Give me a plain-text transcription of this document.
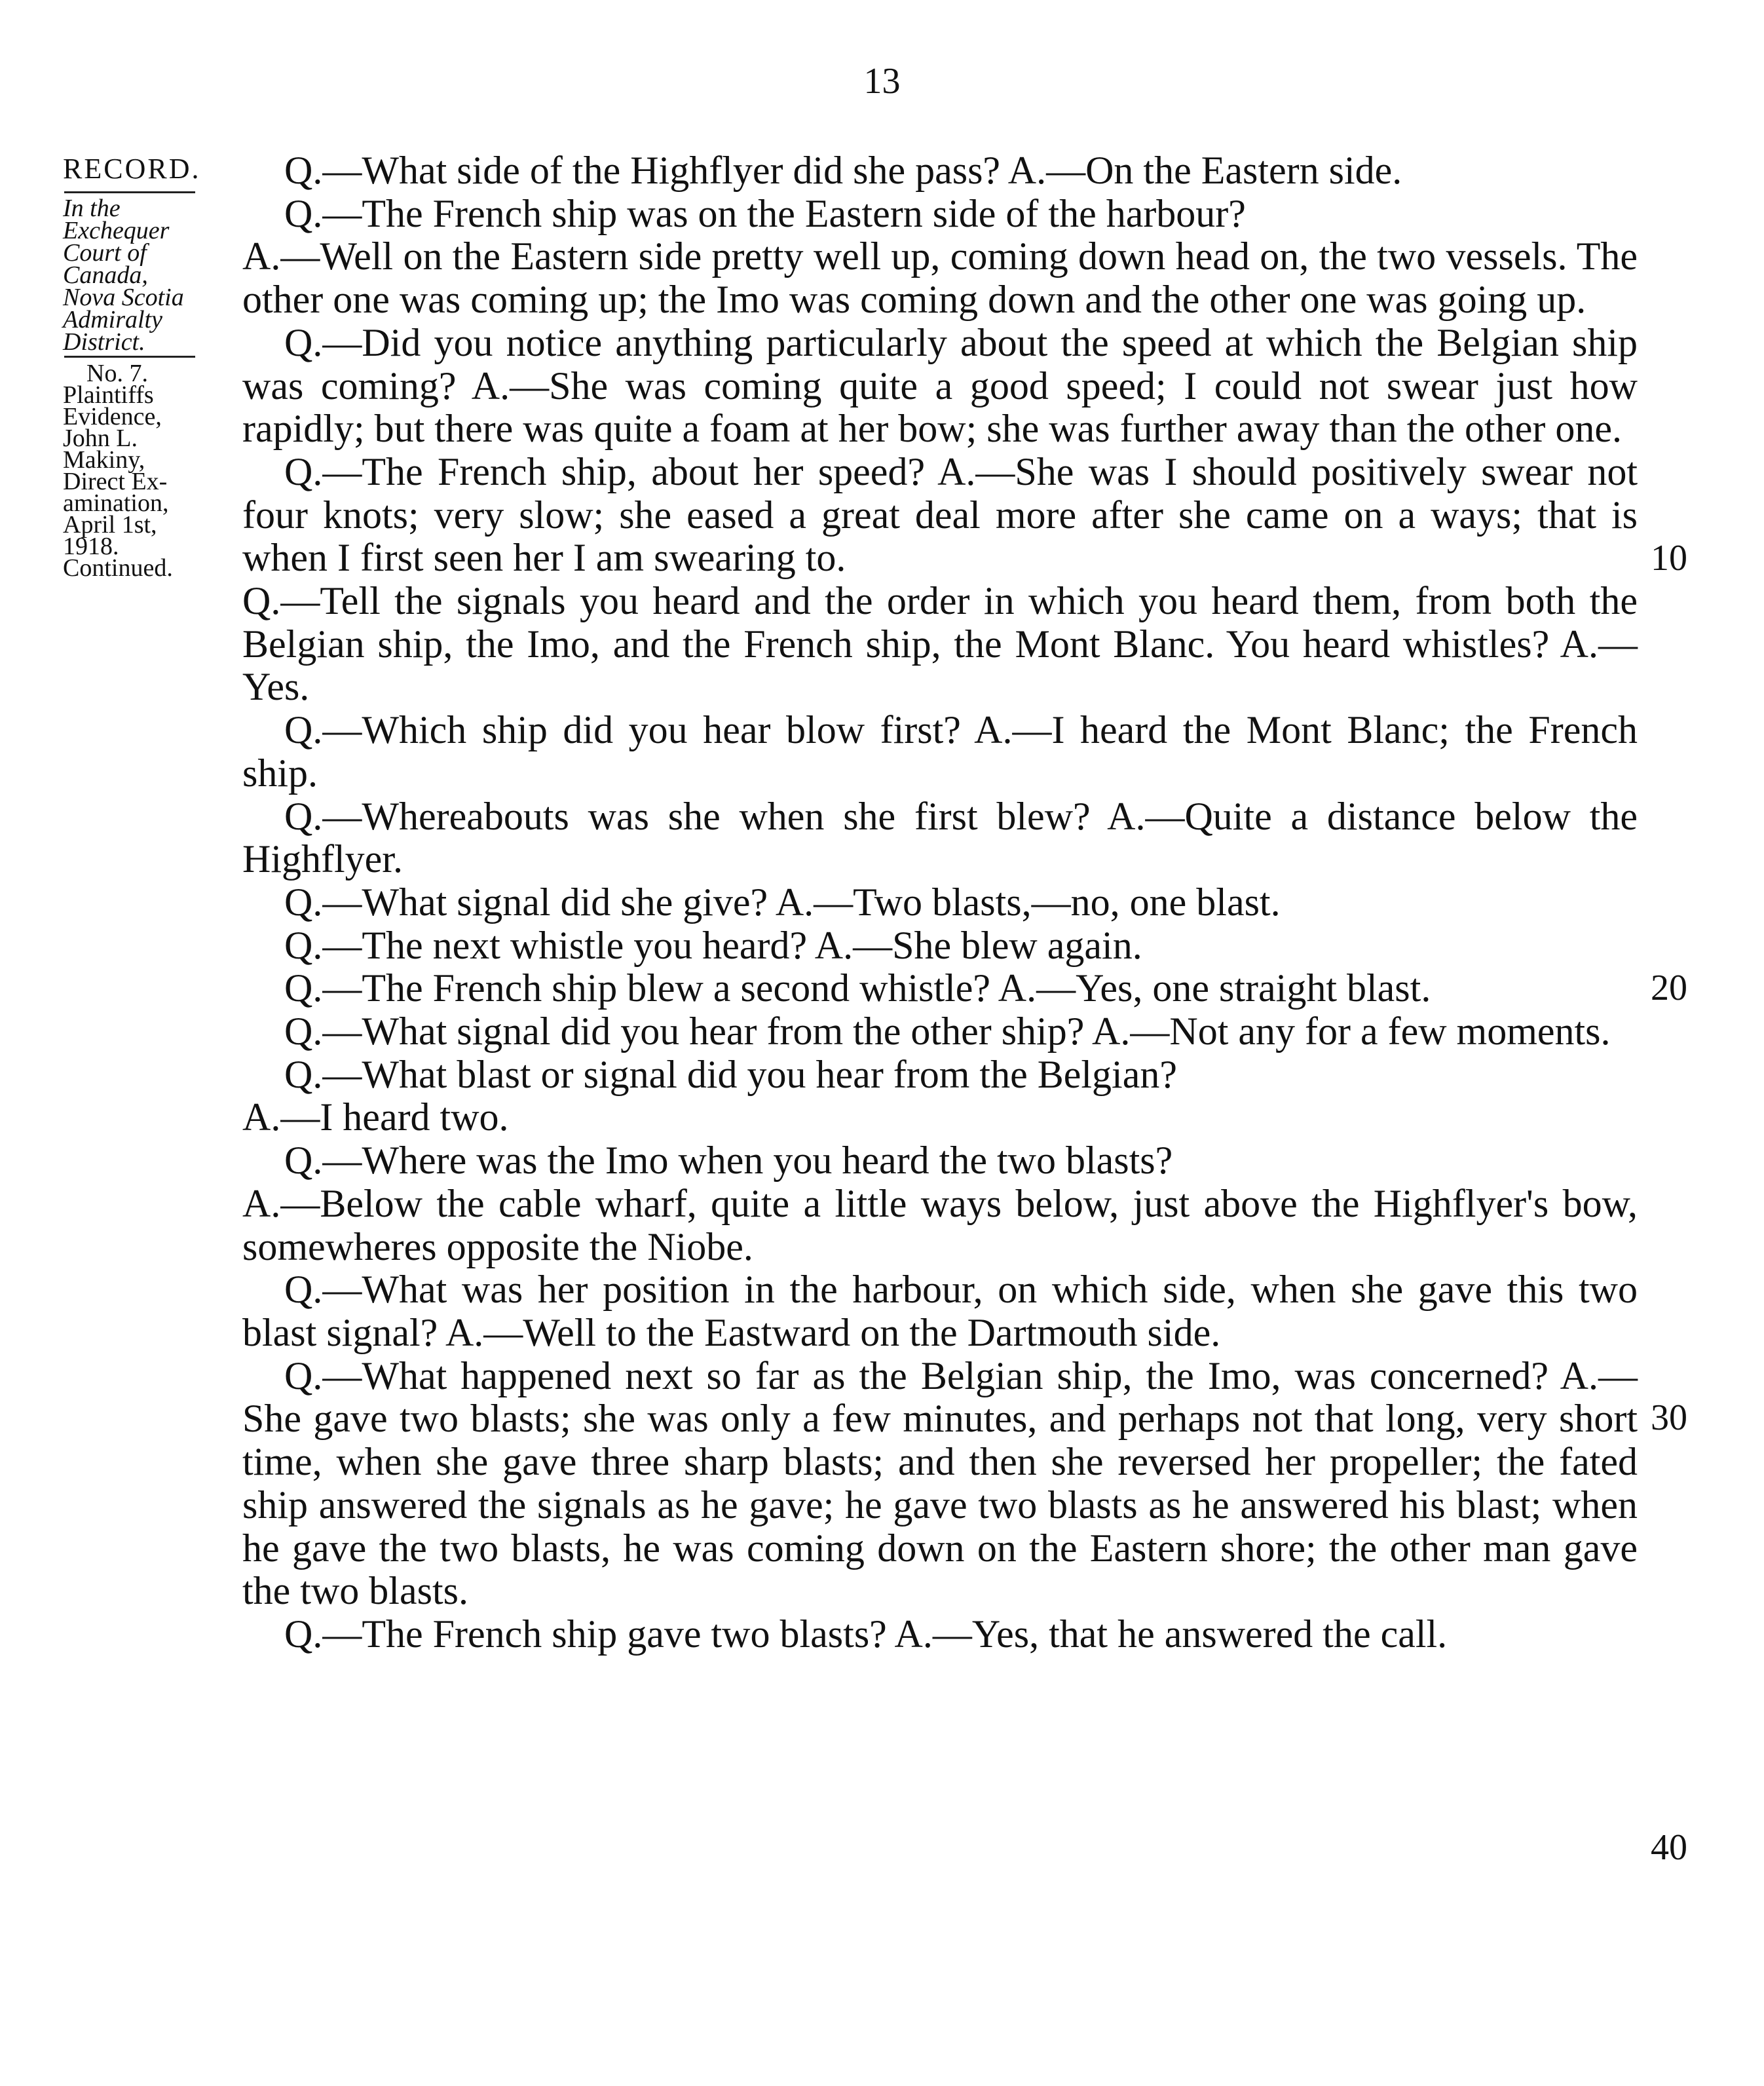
13
RECORD.
In the
Exchequer
Court of
Canada,
Nova Scotia
Admiralty
District.
No. 7.
Plaintiffs
Evidence,
John L.
Makiny,
Direct Ex-
amination,
April 1st,
1918.
Continued.

Q.—What side of the Highflyer did she pass? A.—On the Eastern side.

Q.—The French ship was on the Eastern side of the harbour?

A.—Well on the Eastern side pretty well up, coming down head on, the two vessels. The other one was coming up; the Imo was coming down and the other one was going up.

Q.—Did you notice anything particularly about the speed at which the Belgian ship was coming? A.—She was coming quite a good speed; I could not swear just how rapidly; but there was quite a foam at her bow; she was further away than the other one.

Q.—The French ship, about her speed? A.—She was I should positively swear not four knots; very slow; she eased a great deal more after she came on a ways; that is when I first seen her I am swearing to.

Q.—Tell the signals you heard and the order in which you heard them, from both the Belgian ship, the Imo, and the French ship, the Mont Blanc. You heard whistles? A.—Yes.

Q.—Which ship did you hear blow first? A.—I heard the Mont Blanc; the French ship.

Q.—Whereabouts was she when she first blew? A.—Quite a distance below the Highflyer.

Q.—What signal did she give? A.—Two blasts,—no, one blast.

Q.—The next whistle you heard? A.—She blew again.

Q.—The French ship blew a second whistle? A.—Yes, one straight blast.

Q.—What signal did you hear from the other ship? A.—Not any for a few moments.

Q.—What blast or signal did you hear from the Belgian?

A.—I heard two.

Q.—Where was the Imo when you heard the two blasts?

A.—Below the cable wharf, quite a little ways below, just above the Highflyer's bow, somewheres opposite the Niobe.

Q.—What was her position in the harbour, on which side, when she gave this two blast signal? A.—Well to the Eastward on the Dartmouth side.

Q.—What happened next so far as the Belgian ship, the Imo, was concerned? A.—She gave two blasts; she was only a few minutes, and perhaps not that long, very short time, when she gave three sharp blasts; and then she reversed her propeller; the fated ship answered the signals as he gave; he gave two blasts as he answered his blast; when he gave the two blasts, he was coming down on the Eastern shore; the other man gave the two blasts.

Q.—The French ship gave two blasts? A.—Yes, that he answered the call.

10
20
30
40
